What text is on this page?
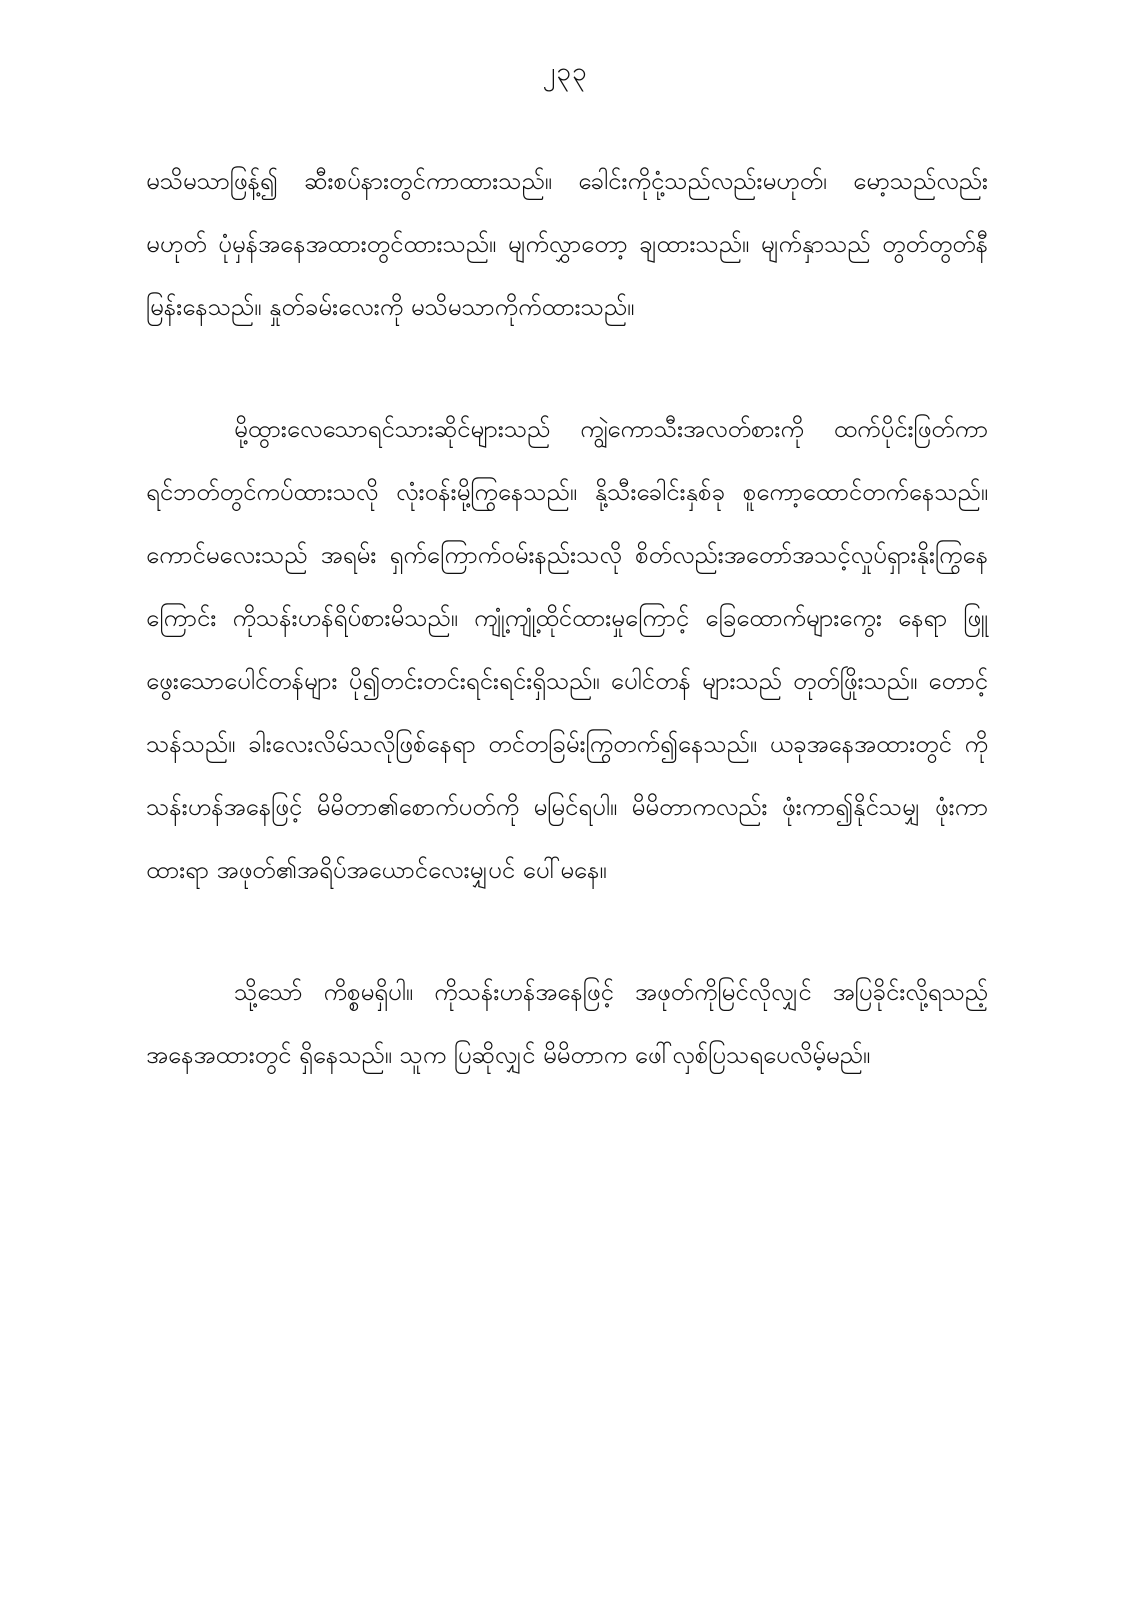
၂၃၃

မသိမသာဖြန့်၍ ဆီးစပ်နားတွင်ကာထားသည်။ ခေါင်းကိုငုံ့သည်လည်းမဟုတ်၊ မော့သည်လည်းမဟုတ် ပုံမှန်အနေအထားတွင်ထားသည်။ မျက်လွှာတော့ ချထားသည်။ မျက်နှာသည် တွတ်တွတ်နီမြန်းနေသည်။ နှုတ်ခမ်းလေးကို မသိမသာကိုက်ထားသည်။

မို့ထွားလေသောရင်သားဆိုင်များသည် ကျွဲကောသီးအလတ်စားကို ထက်ပိုင်းဖြတ်ကာ ရင်ဘတ်တွင်ကပ်ထားသလို လုံးဝန်းမို့ကြွနေသည်။ နို့သီးခေါင်းနှစ်ခု စူကော့ထောင်တက်နေသည်။ ကောင်မလေးသည် အရမ်း ရှက်ကြောက်ဝမ်းနည်းသလို စိတ်လည်းအတော်အသင့်လှုပ်ရှားနိုးကြွနေကြောင်း ကိုသန်းဟန်ရိပ်စားမိသည်။ ကျုံ့ကျုံ့ထိုင်ထားမှုကြောင့် ခြေထောက်များကွေး နေရာ ဖြူဖွေးသောပေါင်တန်များ ပို၍တင်းတင်းရင်းရင်းရှိသည်။ ပေါင်တန် များသည် တုတ်ဖြိုးသည်။ တောင့်သန်သည်။ ခါးလေးလိမ်သလိုဖြစ်နေရာ တင်တခြမ်းကြွတက်၍နေသည်။ ယခုအနေအထားတွင် ကိုသန်းဟန်အနေဖြင့် မိမိတာ၏စောက်ပတ်ကို မမြင်ရပါ။ မိမိတာကလည်း ဖုံးကာ၍နိုင်သမျှ ဖုံးကာထားရာ အဖုတ်၏အရိပ်အယောင်လေးမျှပင် ပေါ်မနေ။

သို့သော် ကိစ္စမရှိပါ။ ကိုသန်းဟန်အနေဖြင့် အဖုတ်ကိုမြင်လိုလျှင် အပြခိုင်းလို့ရသည့်အနေအထားတွင် ရှိနေသည်။ သူက ပြဆိုလျှင် မိမိတာက ဖေါ်လှစ်ပြသရပေလိမ့်မည်။
